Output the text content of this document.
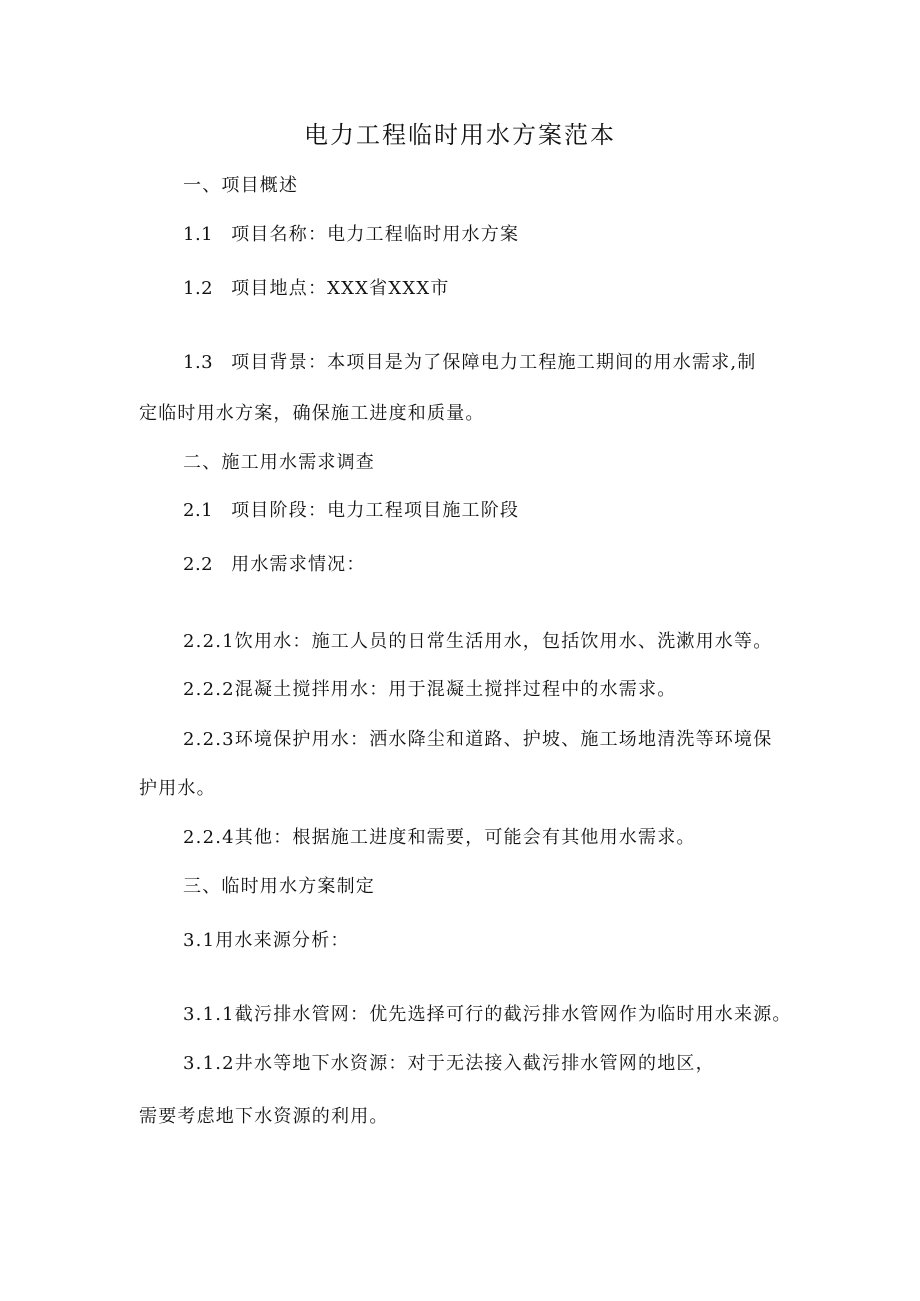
电力工程临时用水方案范本
一、项目概述
1.1 项目名称：电力工程临时用水方案
1.2 项目地点：XXX省XXX市
1.3 项目背景：本项目是为了保障电力工程施工期间的用水需求,制
定临时用水方案，确保施工进度和质量。
二、施工用水需求调查
2.1 项目阶段：电力工程项目施工阶段
2.2 用水需求情况：
2.2.1饮用水：施工人员的日常生活用水，包括饮用水、洗漱用水等。
2.2.2混凝土搅拌用水：用于混凝土搅拌过程中的水需求。
2.2.3环境保护用水：洒水降尘和道路、护坡、施工场地清洗等环境保
护用水。
2.2.4其他：根据施工进度和需要，可能会有其他用水需求。
三、临时用水方案制定
3.1用水来源分析：
3.1.1截污排水管网：优先选择可行的截污排水管网作为临时用水来源。
3.1.2井水等地下水资源：对于无法接入截污排水管网的地区，
需要考虑地下水资源的利用。
